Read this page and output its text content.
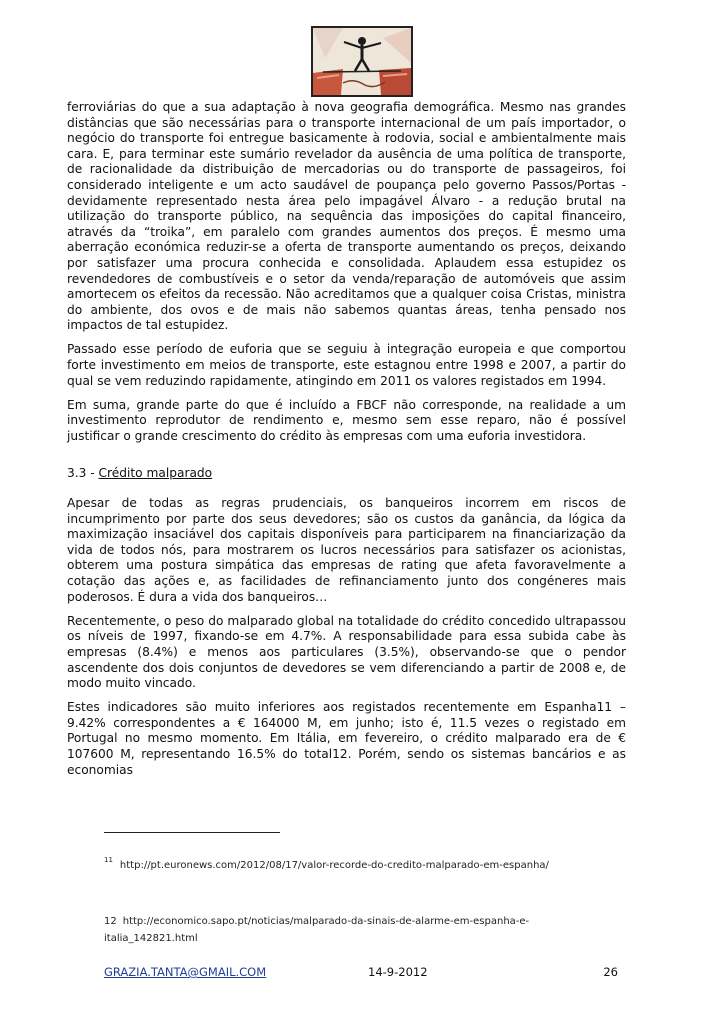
ferroviárias do que a sua adaptação à nova geografia demográfica. Mesmo nas grandes distâncias que são necessárias para o transporte internacional de um país importador, o negócio do transporte foi entregue basicamente à rodovia, social e ambientalmente mais cara. E, para terminar este sumário revelador da ausência de uma política de transporte, de racionalidade da distribuição de mercadorias ou do transporte de passageiros, foi considerado inteligente e um acto saudável de poupança pelo governo Passos/Portas - devidamente representado nesta área pelo impagável Álvaro - a redução brutal na utilização do transporte público, na sequência das imposições do capital financeiro, através da “troika”, em paralelo com grandes aumentos dos preços. É mesmo uma aberração económica reduzir-se a oferta de transporte aumentando os preços, deixando por satisfazer uma procura conhecida e consolidada. Aplaudem essa estupidez os revendedores de combustíveis e o setor da venda/reparação de automóveis que assim amortecem os efeitos da recessão. Não acreditamos que a qualquer coisa Cristas, ministra do ambiente, dos ovos e de mais não sabemos quantas áreas, tenha pensado nos impactos de tal estupidez.

Passado esse período de euforia que se seguiu à integração europeia e que comportou forte investimento em meios de transporte, este estagnou entre 1998 e 2007, a partir do qual se vem reduzindo rapidamente, atingindo em 2011 os valores registados em 1994.

Em suma, grande parte do que é incluído a FBCF não corresponde, na realidade a um investimento reprodutor de rendimento e, mesmo sem esse reparo, não é possível justificar o grande crescimento do crédito às empresas com uma euforia investidora.

3.3 - Crédito malparado

Apesar de todas as regras prudenciais, os banqueiros incorrem em riscos de incumprimento por parte dos seus devedores; são os custos da ganância, da lógica da maximização insaciável dos capitais disponíveis para participarem na financiarização da vida de todos nós, para mostrarem os lucros necessários para satisfazer os acionistas, obterem uma postura simpática das empresas de rating que afeta favoravelmente a cotação das ações e, as facilidades de refinanciamento junto dos congéneres mais poderosos. É dura a vida dos banqueiros…

Recentemente, o peso do malparado global na totalidade do crédito concedido ultrapassou os níveis de 1997, fixando-se em 4.7%. A responsabilidade para essa subida cabe às empresas (8.4%) e menos aos particulares (3.5%), observando-se que o pendor ascendente dos dois conjuntos de devedores se vem diferenciando a partir de 2008 e, de modo muito vincado.

Estes indicadores são muito inferiores aos registados recentemente em Espanha11 – 9.42% correspondentes a € 164000 M, em junho; isto é, 11.5 vezes o registado em Portugal no mesmo momento. Em Itália, em fevereiro, o crédito malparado era de € 107600 M, representando 16.5% do total12. Porém, sendo os sistemas bancários e as economias

$^{11}$ http://pt.euronews.com/2012/08/17/valor-recorde-do-credito-malparado-em-espanha/
12 http://economico.sapo.pt/noticias/malparado-da-sinais-de-alarme-em-espanha-e-italia_142821.html
GRAZIA.TANTA@GMAIL.COM	14-9-2012	26
